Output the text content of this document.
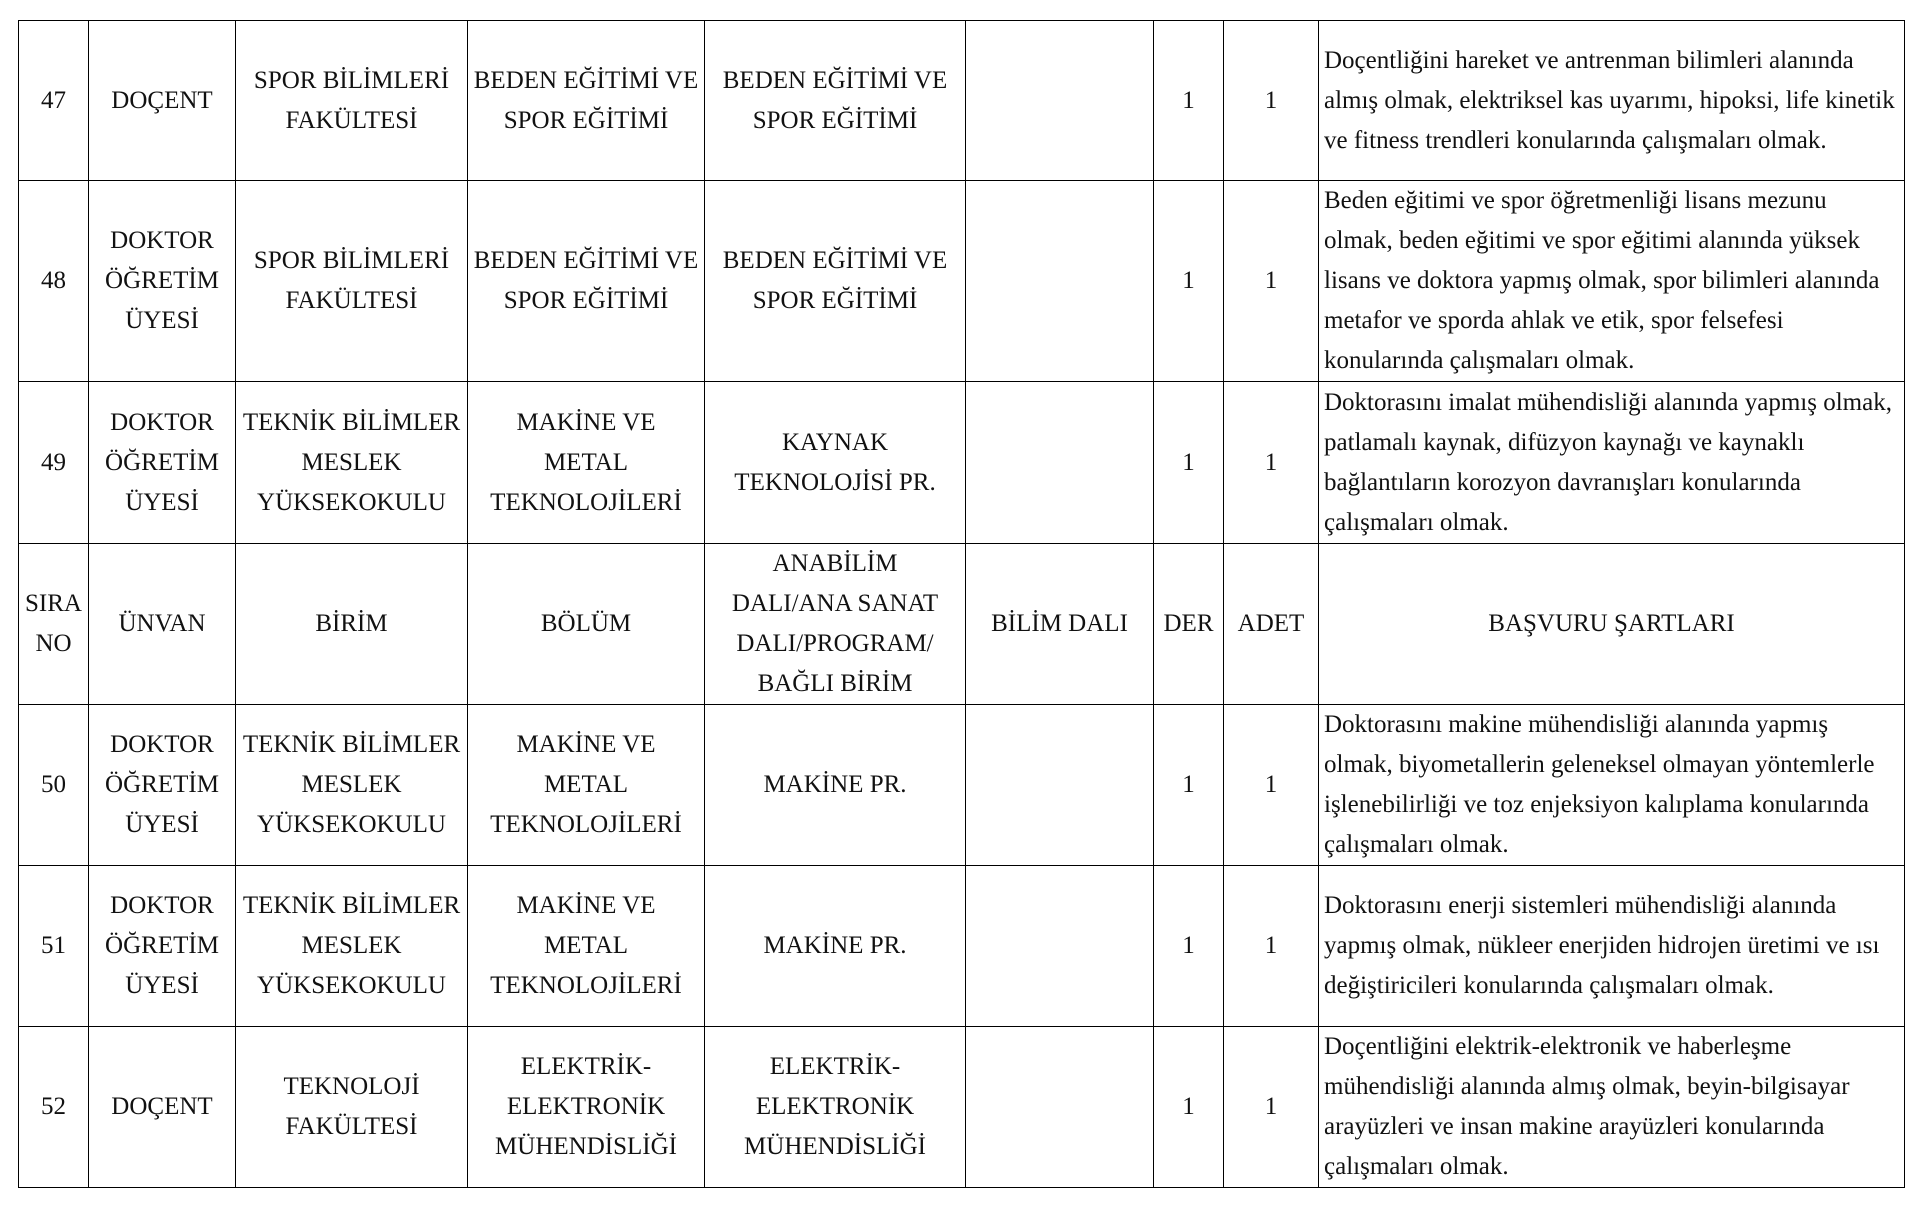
47	DOÇENT	SPOR BİLİMLERİ FAKÜLTESİ	BEDEN EĞİTİMİ VE SPOR EĞİTİMİ	BEDEN EĞİTİMİ VE SPOR EĞİTİMİ		1	1	Doçentliğini hareket ve antrenman bilimleri alanında almış olmak, elektriksel kas uyarımı, hipoksi, life kinetik ve fitness trendleri konularında çalışmaları olmak.
48	DOKTOR ÖĞRETİM ÜYESİ	SPOR BİLİMLERİ FAKÜLTESİ	BEDEN EĞİTİMİ VE SPOR EĞİTİMİ	BEDEN EĞİTİMİ VE SPOR EĞİTİMİ		1	1	Beden eğitimi ve spor öğretmenliği lisans mezunu olmak, beden eğitimi ve spor eğitimi alanında yüksek lisans ve doktora yapmış olmak, spor bilimleri alanında metafor ve sporda ahlak ve etik, spor felsefesi konularında çalışmaları olmak.
49	DOKTOR ÖĞRETİM ÜYESİ	TEKNİK BİLİMLER MESLEK YÜKSEKOKULU	MAKİNE VE METAL TEKNOLOJİLERİ	KAYNAK TEKNOLOJİSİ PR.		1	1	Doktorasını imalat mühendisliği alanında yapmış olmak, patlamalı kaynak, difüzyon kaynağı ve kaynaklı bağlantıların korozyon davranışları konularında çalışmaları olmak.
SIRA NO	ÜNVAN	BİRİM	BÖLÜM	ANABİLİM DALI/ANA SANAT DALI/PROGRAM/ BAĞLI BİRİM	BİLİM DALI	DER	ADET	BAŞVURU ŞARTLARI
50	DOKTOR ÖĞRETİM ÜYESİ	TEKNİK BİLİMLER MESLEK YÜKSEKOKULU	MAKİNE VE METAL TEKNOLOJİLERİ	MAKİNE PR.		1	1	Doktorasını makine mühendisliği alanında yapmış olmak, biyometallerin geleneksel olmayan yöntemlerle işlenebilirliği ve toz enjeksiyon kalıplama konularında çalışmaları olmak.
51	DOKTOR ÖĞRETİM ÜYESİ	TEKNİK BİLİMLER MESLEK YÜKSEKOKULU	MAKİNE VE METAL TEKNOLOJİLERİ	MAKİNE PR.		1	1	Doktorasını enerji sistemleri mühendisliği alanında yapmış olmak, nükleer enerjiden hidrojen üretimi ve ısı değiştiricileri konularında çalışmaları olmak.
52	DOÇENT	TEKNOLOJİ FAKÜLTESİ	ELEKTRİK-ELEKTRONİK MÜHENDİSLİĞİ	ELEKTRİK-ELEKTRONİK MÜHENDİSLİĞİ		1	1	Doçentliğini elektrik-elektronik ve haberleşme mühendisliği alanında almış olmak, beyin-bilgisayar arayüzleri ve insan makine arayüzleri konularında çalışmaları olmak.
